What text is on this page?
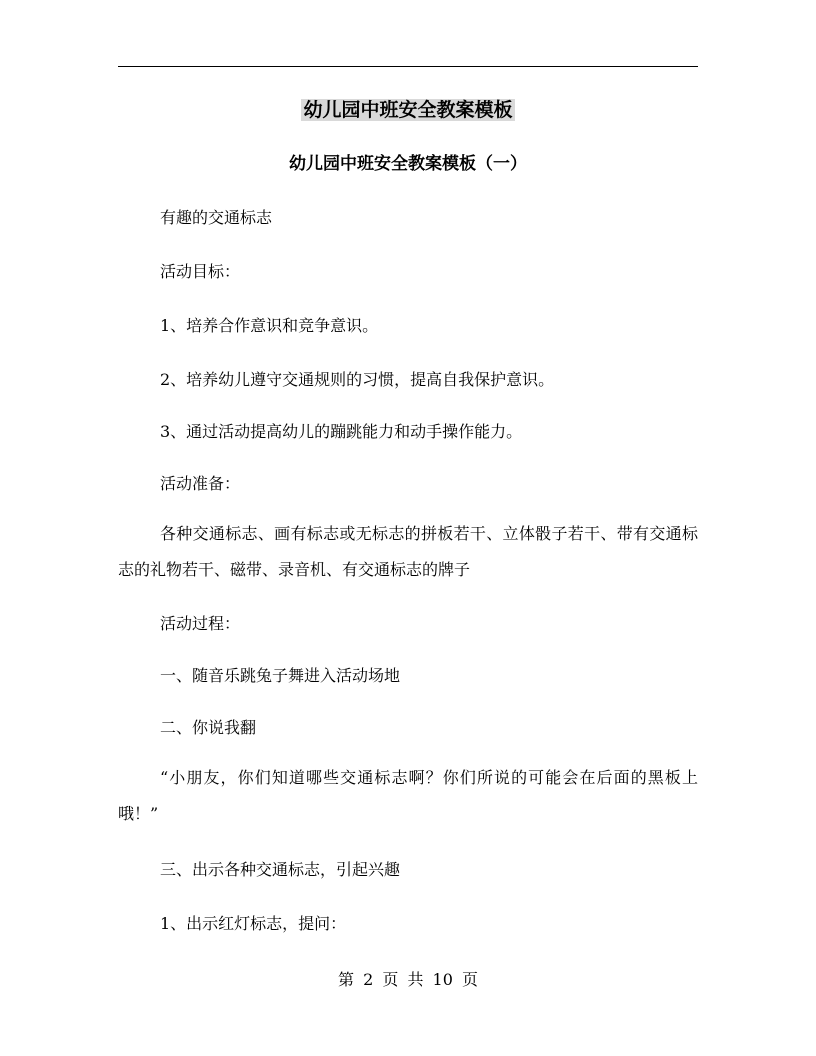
幼儿园中班安全教案模板
幼儿园中班安全教案模板（一）
有趣的交通标志
活动目标：
1、培养合作意识和竞争意识。
2、培养幼儿遵守交通规则的习惯，提高自我保护意识。
3、通过活动提高幼儿的蹦跳能力和动手操作能力。
活动准备：
各种交通标志、画有标志或无标志的拼板若干、立体骰子若干、带有交通标志的礼物若干、磁带、录音机、有交通标志的牌子
活动过程：
一、随音乐跳兔子舞进入活动场地
二、你说我翻
“小朋友，你们知道哪些交通标志啊？你们所说的可能会在后面的黑板上哦！”
三、出示各种交通标志，引起兴趣
1、出示红灯标志，提问：
第 2 页 共 10 页
